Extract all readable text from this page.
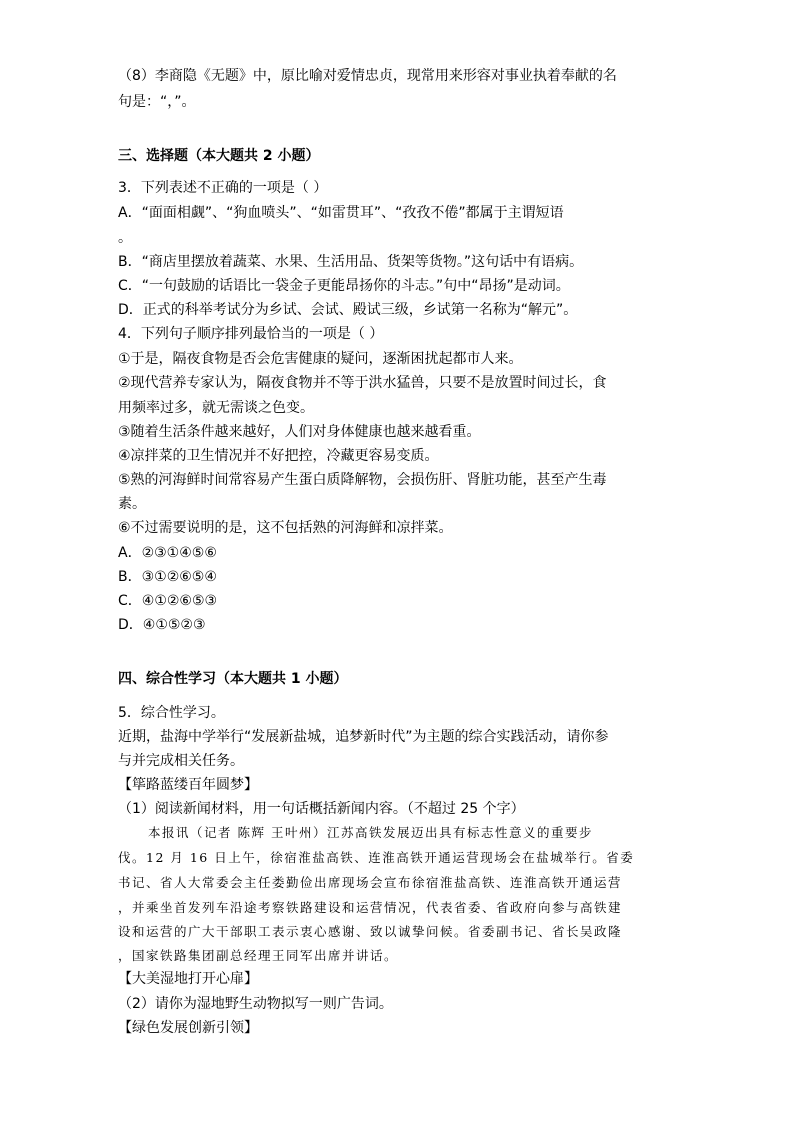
（8）李商隐《无题》中，原比喻对爱情忠贞，现常用来形容对事业执着奉献的名
句是：“，”。
三、选择题（本大题共 2 小题）
3．下列表述不正确的一项是（ ）
A．“面面相觑”、“狗血喷头”、“如雷贯耳”、“孜孜不倦”都属于主谓短语
。
B．“商店里摆放着蔬菜、水果、生活用品、货架等货物。”这句话中有语病。
C．“一句鼓励的话语比一袋金子更能昂扬你的斗志。”句中“昂扬”是动词。
D．正式的科举考试分为乡试、会试、殿试三级，乡试第一名称为“解元”。
4．下列句子顺序排列最恰当的一项是（ ）
①于是，隔夜食物是否会危害健康的疑问，逐渐困扰起都市人来。
②现代营养专家认为，隔夜食物并不等于洪水猛兽，只要不是放置时间过长，食
用频率过多，就无需谈之色变。
③随着生活条件越来越好，人们对身体健康也越来越看重。
④凉拌菜的卫生情况并不好把控，冷藏更容易变质。
⑤熟的河海鲜时间常容易产生蛋白质降解物，会损伤肝、肾脏功能，甚至产生毒
素。
⑥不过需要说明的是，这不包括熟的河海鲜和凉拌菜。
A．②③①④⑤⑥
B．③①②⑥⑤④
C．④①②⑥⑤③
D．④①⑤②③
四、综合性学习（本大题共 1 小题）
5．综合性学习。
近期，盐海中学举行“发展新盐城，追梦新时代”为主题的综合实践活动，请你参
与并完成相关任务。
【筚路蓝缕百年圆梦】
（1）阅读新闻材料，用一句话概括新闻内容。（不超过 25 个字）
本报讯（记者 陈辉 王叶州）江苏高铁发展迈出具有标志性意义的重要步
伐。12 月 16 日上午，徐宿淮盐高铁、连淮高铁开通运营现场会在盐城举行。省委
书记、省人大常委会主任娄勤俭出席现场会宣布徐宿淮盐高铁、连淮高铁开通运营
，并乘坐首发列车沿途考察铁路建设和运营情况，代表省委、省政府向参与高铁建
设和运营的广大干部职工表示衷心感谢、致以诚挚问候。省委副书记、省长吴政隆
，国家铁路集团副总经理王同军出席并讲话。
【大美湿地打开心扉】
（2）请你为湿地野生动物拟写一则广告词。
【绿色发展创新引领】
